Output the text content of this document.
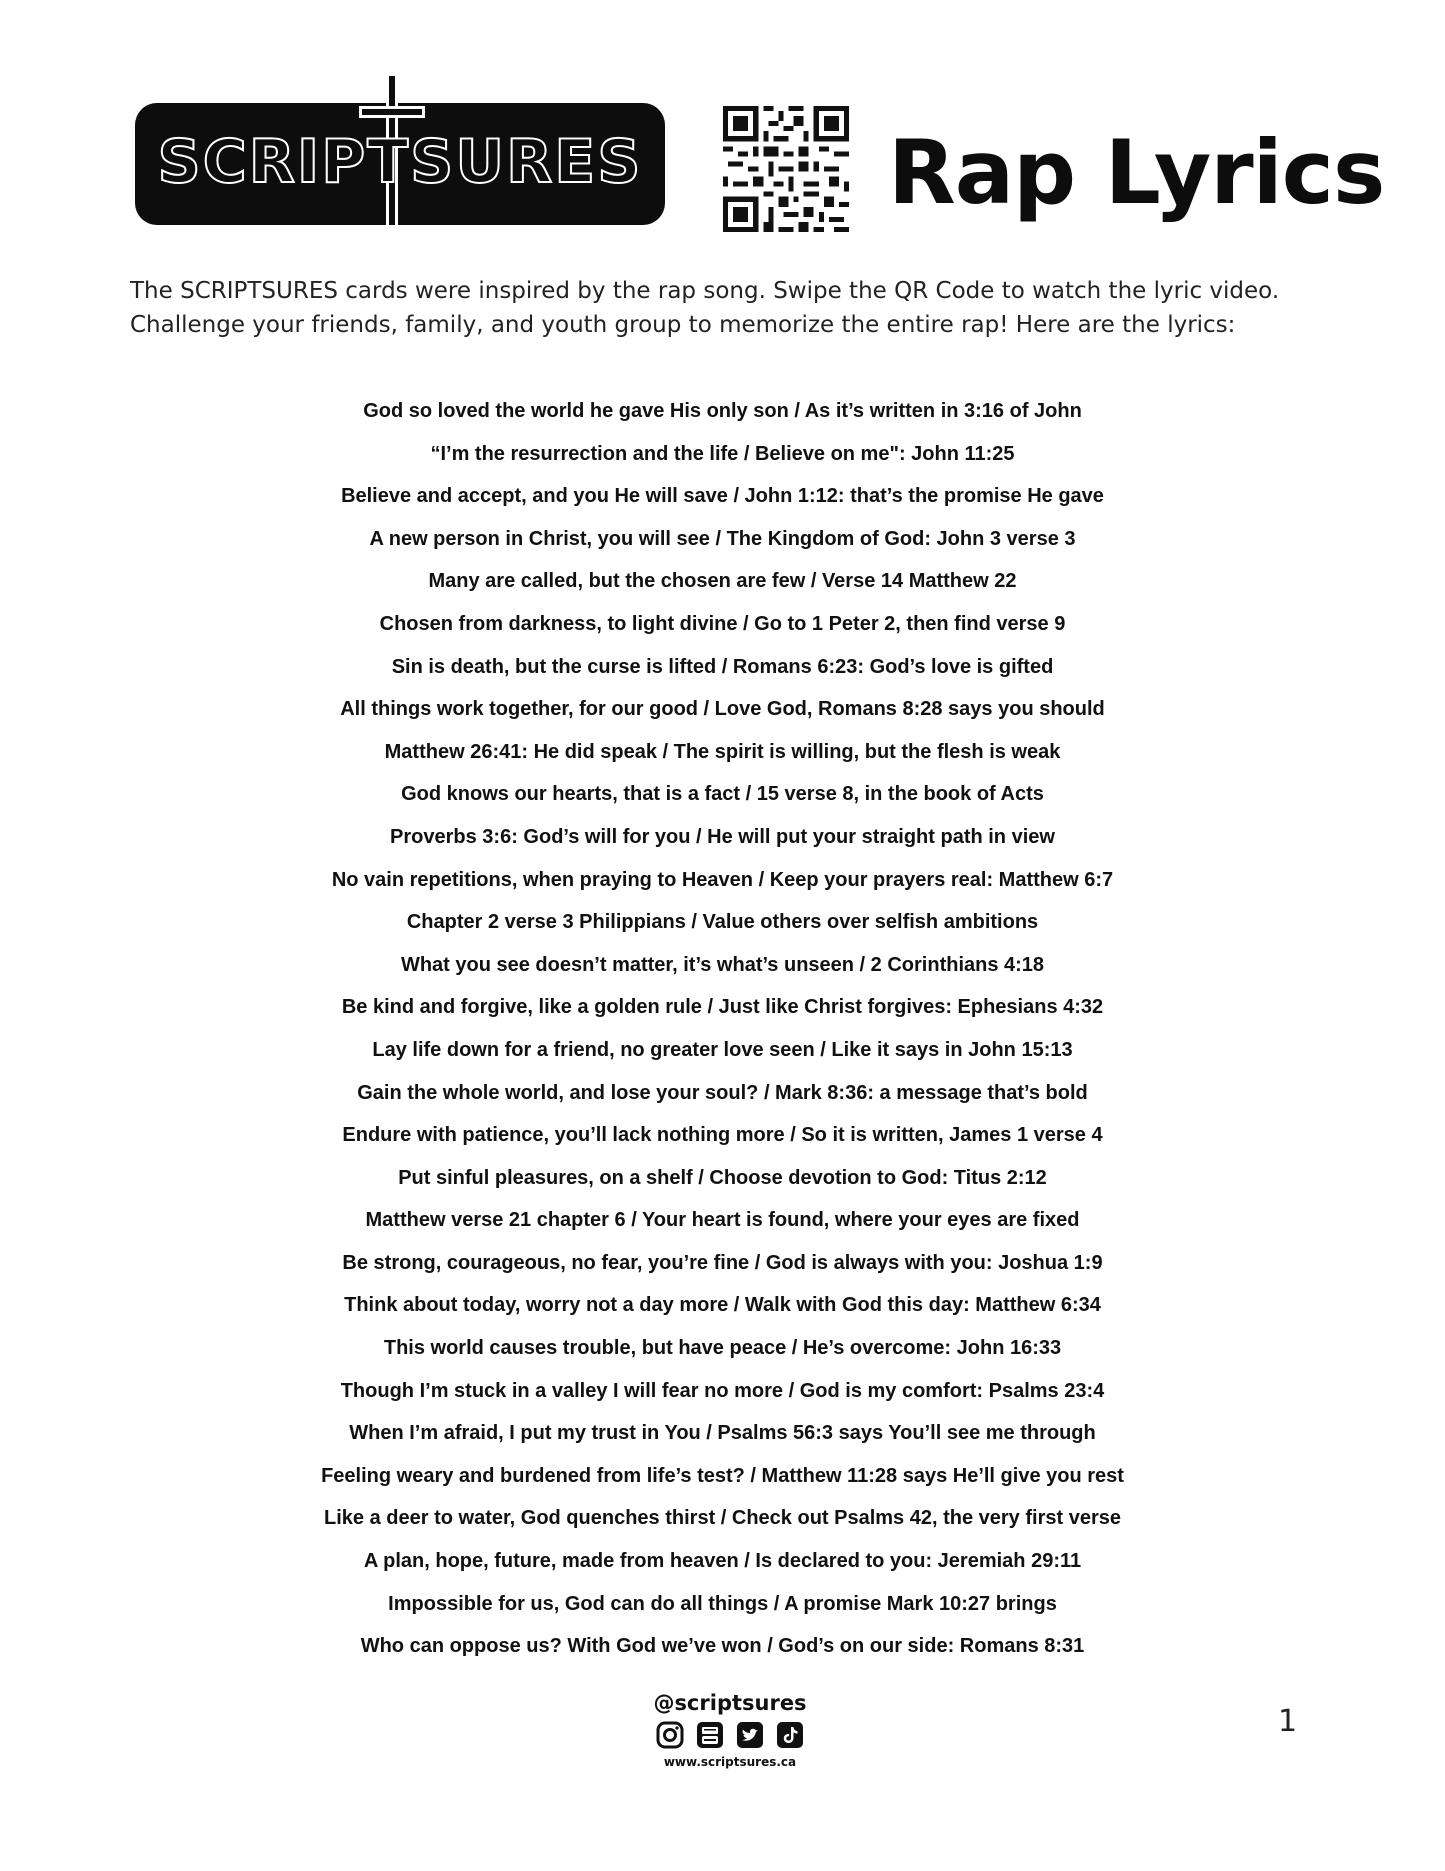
SCRIPTSURES	Rap Lyrics

The SCRIPTSURES cards were inspired by the rap song. Swipe the QR Code to watch the lyric video.

Challenge your friends, family, and youth group to memorize the entire rap! Here are the lyrics:

God so loved the world he gave His only son / As it’s written in 3:16 of John
“I’m the resurrection and the life / Believe on me": John 11:25
Believe and accept, and you He will save / John 1:12: that’s the promise He gave
A new person in Christ, you will see / The Kingdom of God: John 3 verse 3
Many are called, but the chosen are few / Verse 14 Matthew 22
Chosen from darkness, to light divine / Go to 1 Peter 2, then find verse 9
Sin is death, but the curse is lifted / Romans 6:23: God’s love is gifted
All things work together, for our good / Love God, Romans 8:28 says you should
Matthew 26:41: He did speak / The spirit is willing, but the flesh is weak
God knows our hearts, that is a fact / 15 verse 8, in the book of Acts
Proverbs 3:6: God’s will for you / He will put your straight path in view
No vain repetitions, when praying to Heaven / Keep your prayers real: Matthew 6:7
Chapter 2 verse 3 Philippians / Value others over selfish ambitions
What you see doesn’t matter, it’s what’s unseen / 2 Corinthians 4:18
Be kind and forgive, like a golden rule / Just like Christ forgives: Ephesians 4:32
Lay life down for a friend, no greater love seen / Like it says in John 15:13
Gain the whole world, and lose your soul? / Mark 8:36: a message that’s bold
Endure with patience, you’ll lack nothing more / So it is written, James 1 verse 4
Put sinful pleasures, on a shelf / Choose devotion to God: Titus 2:12
Matthew verse 21 chapter 6 / Your heart is found, where your eyes are fixed
Be strong, courageous, no fear, you’re fine / God is always with you: Joshua 1:9
Think about today, worry not a day more / Walk with God this day: Matthew 6:34
This world causes trouble, but have peace / He’s overcome: John 16:33
Though I’m stuck in a valley I will fear no more / God is my comfort: Psalms 23:4
When I’m afraid, I put my trust in You / Psalms 56:3 says You’ll see me through
Feeling weary and burdened from life’s test? / Matthew 11:28 says He’ll give you rest
Like a deer to water, God quenches thirst / Check out Psalms 42, the very first verse
A plan, hope, future, made from heaven / Is declared to you: Jeremiah 29:11
Impossible for us, God can do all things / A promise Mark 10:27 brings
Who can oppose us? With God we’ve won / God’s on our side: Romans 8:31
@scriptsures
www.scriptsures.ca
1
